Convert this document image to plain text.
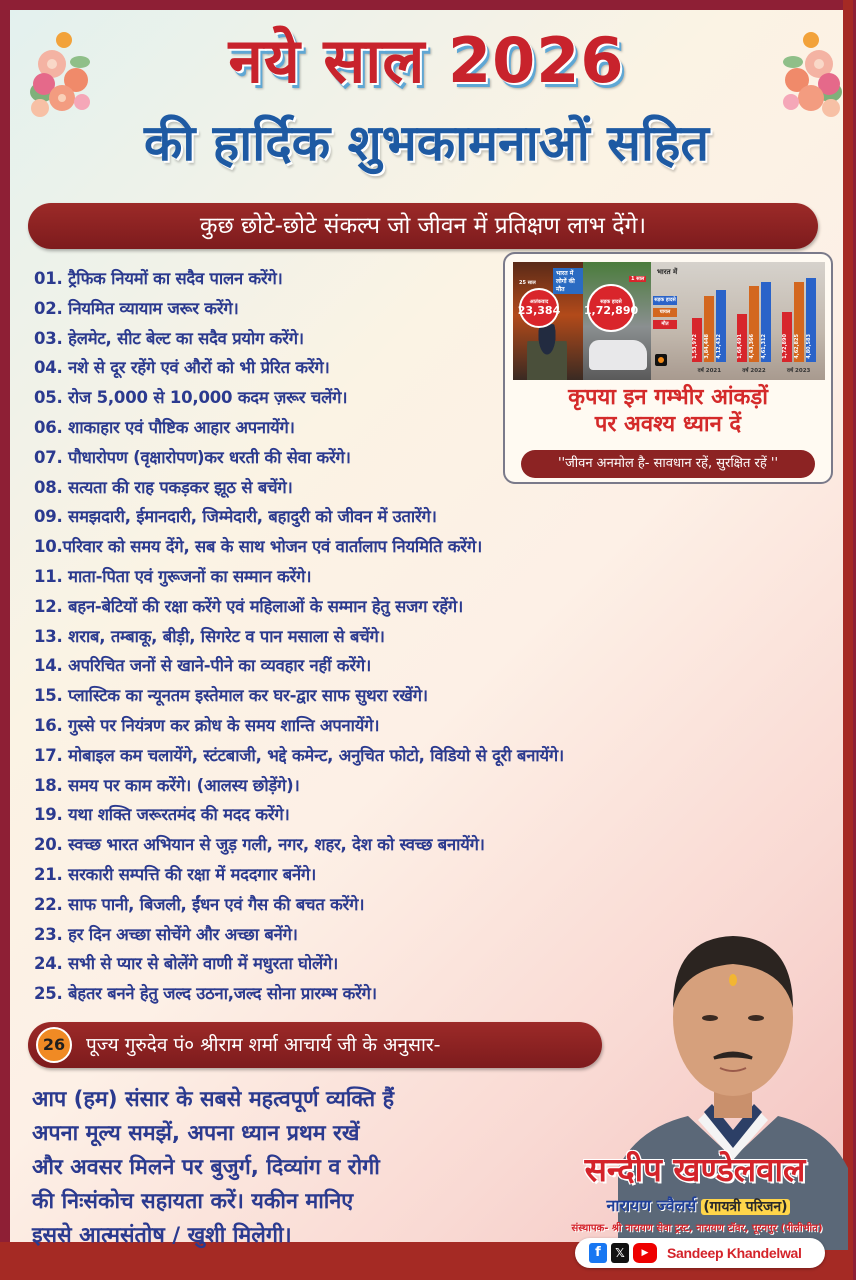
नये साल 2026
की हार्दिक शुभकामनाओं सहित
कुछ छोटे-छोटे संकल्प जो जीवन में प्रतिक्षण लाभ देंगे।
01. ट्रैफिक नियमों का सदैव पालन करेंगे।
02. नियमित व्यायाम जरूर करेंगे।
03. हेलमेट, सीट बेल्ट का सदैव प्रयोग करेंगे।
04. नशे से दूर रहेंगे एवं औरों को भी प्रेरित करेंगे।
05. रोज 5,000 से 10,000 कदम ज़रूर चलेंगे।
06. शाकाहार एवं पौष्टिक आहार अपनायेंगे।
07. पौधारोपण (वृक्षारोपण)कर धरती की सेवा करेंगे।
08. सत्यता की राह पकड़कर झूठ से बचेंगे।
09. समझदारी, ईमानदारी, जिम्मेदारी, बहादुरी को जीवन में उतारेंगे।
10.परिवार को समय देंगे, सब के साथ भोजन एवं वार्तालाप नियमिति करेंगे।
11. माता-पिता एवं गुरूजनों का सम्मान करेंगे।
12. बहन-बेटियों की रक्षा करेंगे एवं महिलाओं के सम्मान हेतु सजग रहेंगे।
13. शराब, तम्बाकू, बीड़ी, सिगरेट व पान मसाला से बचेंगे।
14. अपरिचित जनों से खाने-पीने का व्यवहार नहीं करेंगे।
15. प्लास्टिक का न्यूनतम इस्तेमाल कर घर-द्वार साफ सुथरा रखेंगे।
16. गुस्से पर नियंत्रण कर क्रोध के समय शान्ति अपनायेंगे।
17. मोबाइल कम चलायेंगे, स्टंटबाजी, भद्दे कमेन्ट, अनुचित फोटो, विडियो से दूरी बनायेंगे।
18. समय पर काम करेंगे। (आलस्य छोड़ेंगे)।
19. यथा शक्ति जरूरतमंद की मदद करेंगे।
20. स्वच्छ भारत अभियान से जुड़ गली, नगर, शहर, देश को स्वच्छ बनायेंगे।
21. सरकारी सम्पत्ति की रक्षा में मददगार बनेंगे।
22. साफ पानी, बिजली, ईंधन एवं गैस की बचत करेंगे।
23. हर दिन अच्छा सोचेंगे और अच्छा बनेंगे।
24. सभी से प्यार से बोलेंगे वाणी में मधुरता घोलेंगे।
25. बेहतर बनने हेतु जल्द उठना,जल्द सोना प्रारम्भ करेंगे।
भारत में लोगों की मौत
25 साल
आतंकवाद
23,384
1 साल
सड़क हादसे
1,72,890
भारत में
सड़क हादसे
घायल
मौत
1,53,972	3,84,448	4,12,432	1,68,491	4,43,366	4,61,312	1,72,890	4,62,825	4,80,583
वर्ष 2021	वर्ष 2022	वर्ष 2023
कृपया इन गम्भीर आंकड़ों
पर अवश्य ध्यान दें
''जीवन अनमोल है- सावधान रहें, सुरक्षित रहें ''
26	पूज्य गुरुदेव पं० श्रीराम शर्मा आचार्य जी के अनुसार-
आप (हम) संसार के सबसे महत्वपूर्ण व्यक्ति हैं
अपना मूल्य समझें, अपना ध्यान प्रथम रखें
और अवसर मिलने पर बुजुर्ग, दिव्यांग व रोगी
की निःसंकोच सहायता करें। यकीन मानिए
इससे आत्मसंतोष / खुशी मिलेगी।
सन्दीप खण्डेलवाल
नारायण ज्वैलर्स (गायत्री परिजन)
संस्थापक- श्री नारायण सेवा ट्रस्ट, नारायण टॉवर, पूरनपुर (पीलीभीत)
f	𝕏	▶	Sandeep Khandelwal
